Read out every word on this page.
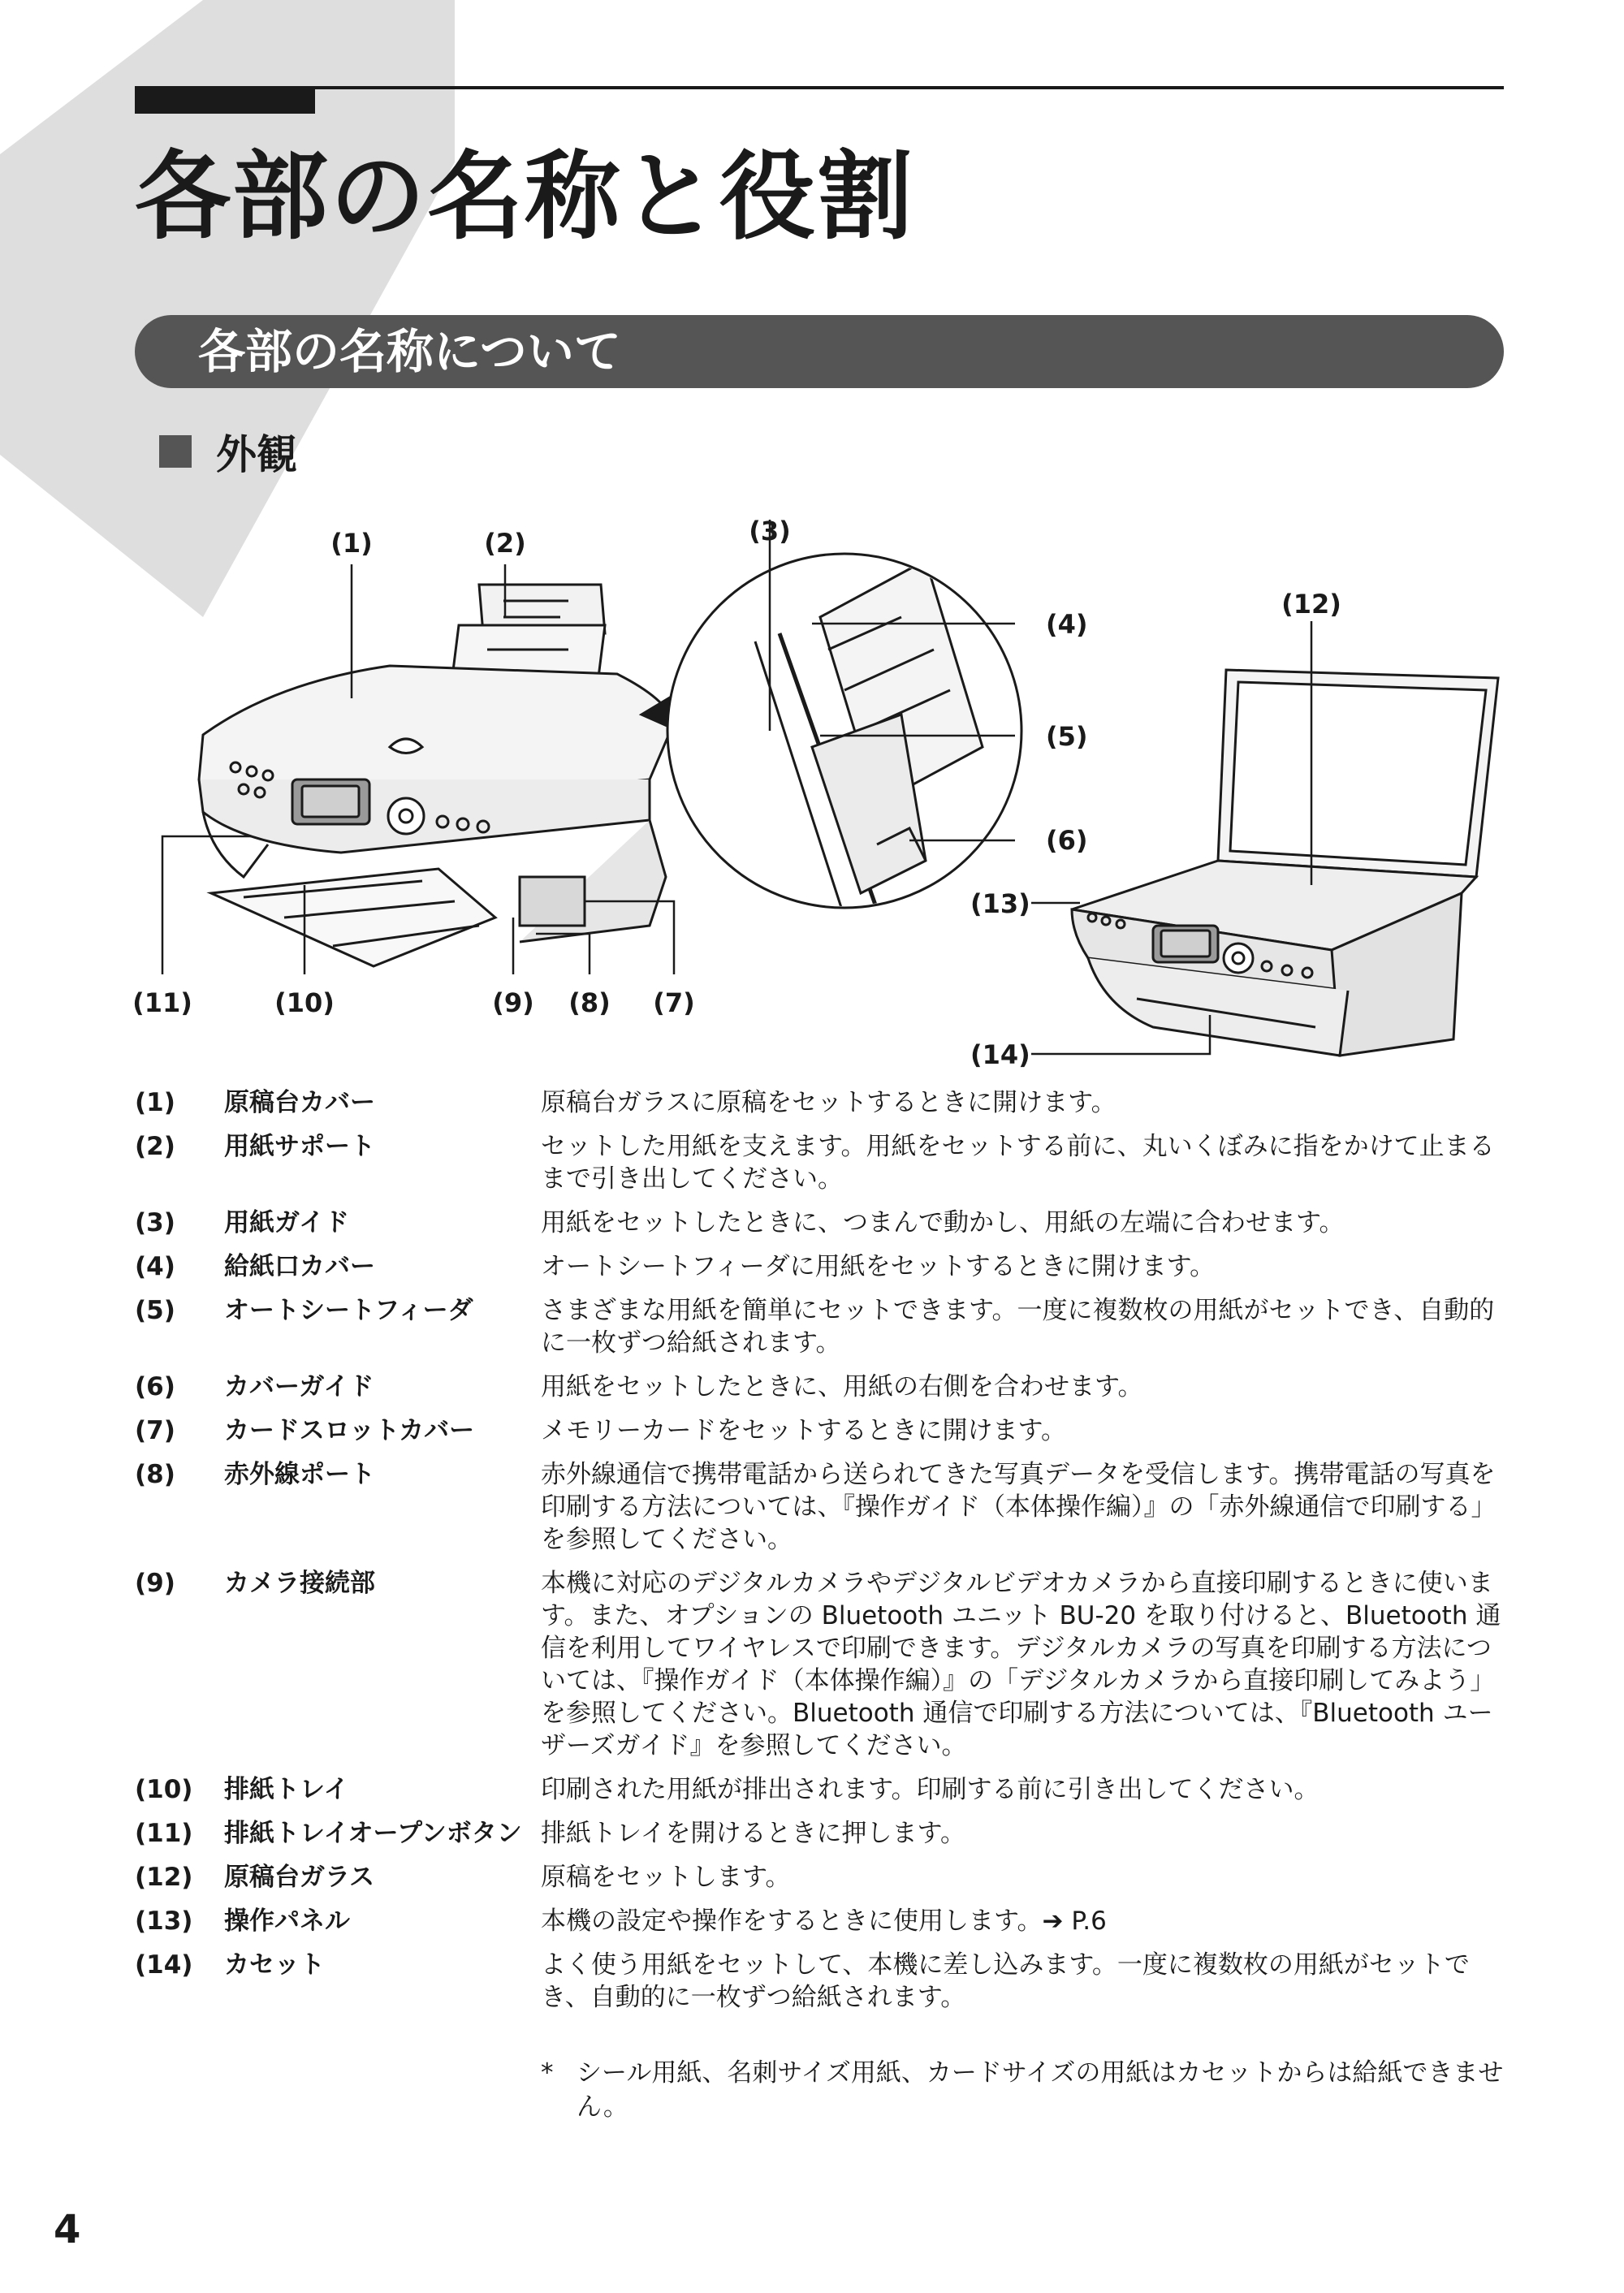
各部の名称と役割
各部の名称について
外観
(1)	(2)	(3)
(4)
(5)
(6)
(7)
(8)
(9)
(10)
(11)
(12)
(13)
(14)
(1)	原稿台カバー	原稿台ガラスに原稿をセットするときに開けます。
(2)	用紙サポート	セットした用紙を支えます。用紙をセットする前に、丸いくぼみに指をかけて止まるまで引き出してください。
(3)	用紙ガイド	用紙をセットしたときに、つまんで動かし、用紙の左端に合わせます。
(4)	給紙口カバー	オートシートフィーダに用紙をセットするときに開けます。
(5)	オートシートフィーダ	さまざまな用紙を簡単にセットできます。一度に複数枚の用紙がセットでき、自動的に一枚ずつ給紙されます。
(6)	カバーガイド	用紙をセットしたときに、用紙の右側を合わせます。
(7)	カードスロットカバー	メモリーカードをセットするときに開けます。
(8)	赤外線ポート	赤外線通信で携帯電話から送られてきた写真データを受信します。携帯電話の写真を印刷する方法については、『操作ガイド（本体操作編）』の「赤外線通信で印刷する」を参照してください。
(9)	カメラ接続部	本機に対応のデジタルカメラやデジタルビデオカメラから直接印刷するときに使います。また、オプションの Bluetooth ユニット BU-20 を取り付けると、Bluetooth 通信を利用してワイヤレスで印刷できます。デジタルカメラの写真を印刷する方法については、『操作ガイド（本体操作編）』の「デジタルカメラから直接印刷してみよう」を参照してください。Bluetooth 通信で印刷する方法については、『Bluetooth ユーザーズガイド』を参照してください。
(10)	排紙トレイ	印刷された用紙が排出されます。印刷する前に引き出してください。
(11)	排紙トレイオープンボタン	排紙トレイを開けるときに押します。
(12)	原稿台ガラス	原稿をセットします。
(13)	操作パネル	本機の設定や操作をするときに使用します。➔ P.6
(14)	カセット	よく使う用紙をセットして、本機に差し込みます。一度に複数枚の用紙がセットでき、自動的に一枚ずつ給紙されます。
* シール用紙、名刺サイズ用紙、カードサイズの用紙はカセットからは給紙できません。
4
